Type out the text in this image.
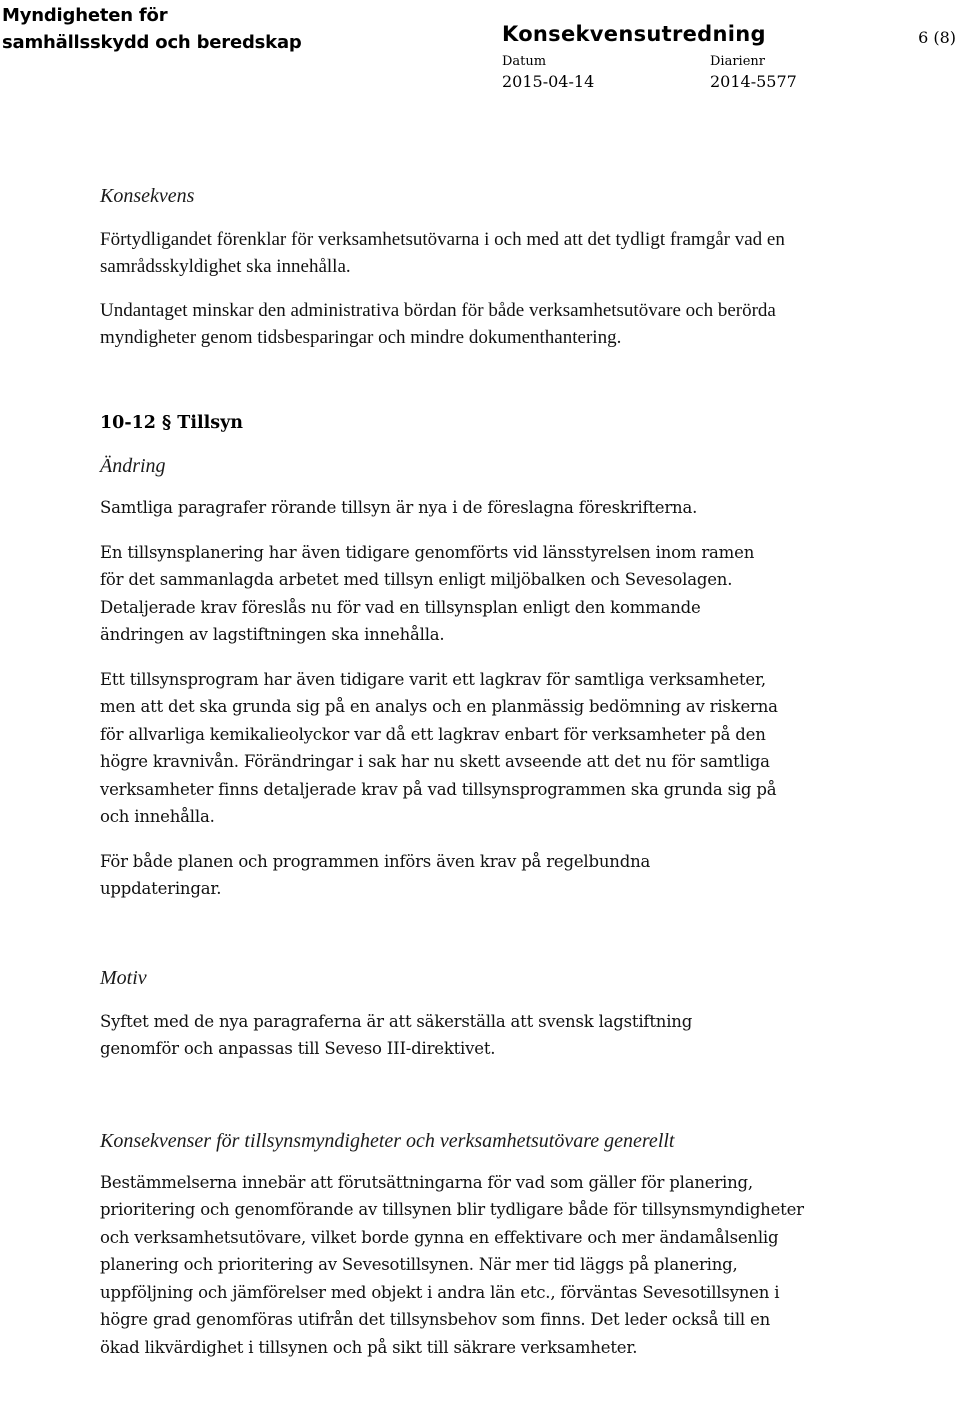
Myndigheten för
samhällsskydd och beredskap	Konsekvensutredning	6 (8)
Datum
2015-04-14
Diarienr
2014-5577

Konsekvens

Förtydligandet förenklar för verksamhetsutövarna i och med att det tydligt framgår vad en samrådsskyldighet ska innehålla.

Undantaget minskar den administrativa bördan för både verksamhetsutövare och berörda myndigheter genom tidsbesparingar och mindre dokumenthantering.

10-12 § Tillsyn

Ändring

Samtliga paragrafer rörande tillsyn är nya i de föreslagna föreskrifterna.

En tillsynsplanering har även tidigare genomförts vid länsstyrelsen inom ramen för det sammanlagda arbetet med tillsyn enligt miljöbalken och Sevesolagen. Detaljerade krav föreslås nu för vad en tillsynsplan enligt den kommande ändringen av lagstiftningen ska innehålla.

Ett tillsynsprogram har även tidigare varit ett lagkrav för samtliga verksamheter, men att det ska grunda sig på en analys och en planmässig bedömning av riskerna för allvarliga kemikalieolyckor var då ett lagkrav enbart för verksamheter på den högre kravnivån. Förändringar i sak har nu skett avseende att det nu för samtliga verksamheter finns detaljerade krav på vad tillsynsprogrammen ska grunda sig på och innehålla.

För både planen och programmen införs även krav på regelbundna uppdateringar.

Motiv

Syftet med de nya paragraferna är att säkerställa att svensk lagstiftning genomför och anpassas till Seveso III-direktivet.

Konsekvenser för tillsynsmyndigheter och verksamhetsutövare generellt

Bestämmelserna innebär att förutsättningarna för vad som gäller för planering, prioritering och genomförande av tillsynen blir tydligare både för tillsynsmyndigheter och verksamhetsutövare, vilket borde gynna en effektivare och mer ändamålsenlig planering och prioritering av Sevesotillsynen. När mer tid läggs på planering, uppföljning och jämförelser med objekt i andra län etc., förväntas Sevesotillsynen i högre grad genomföras utifrån det tillsynsbehov som finns. Det leder också till en ökad likvärdighet i tillsynen och på sikt till säkrare verksamheter.
